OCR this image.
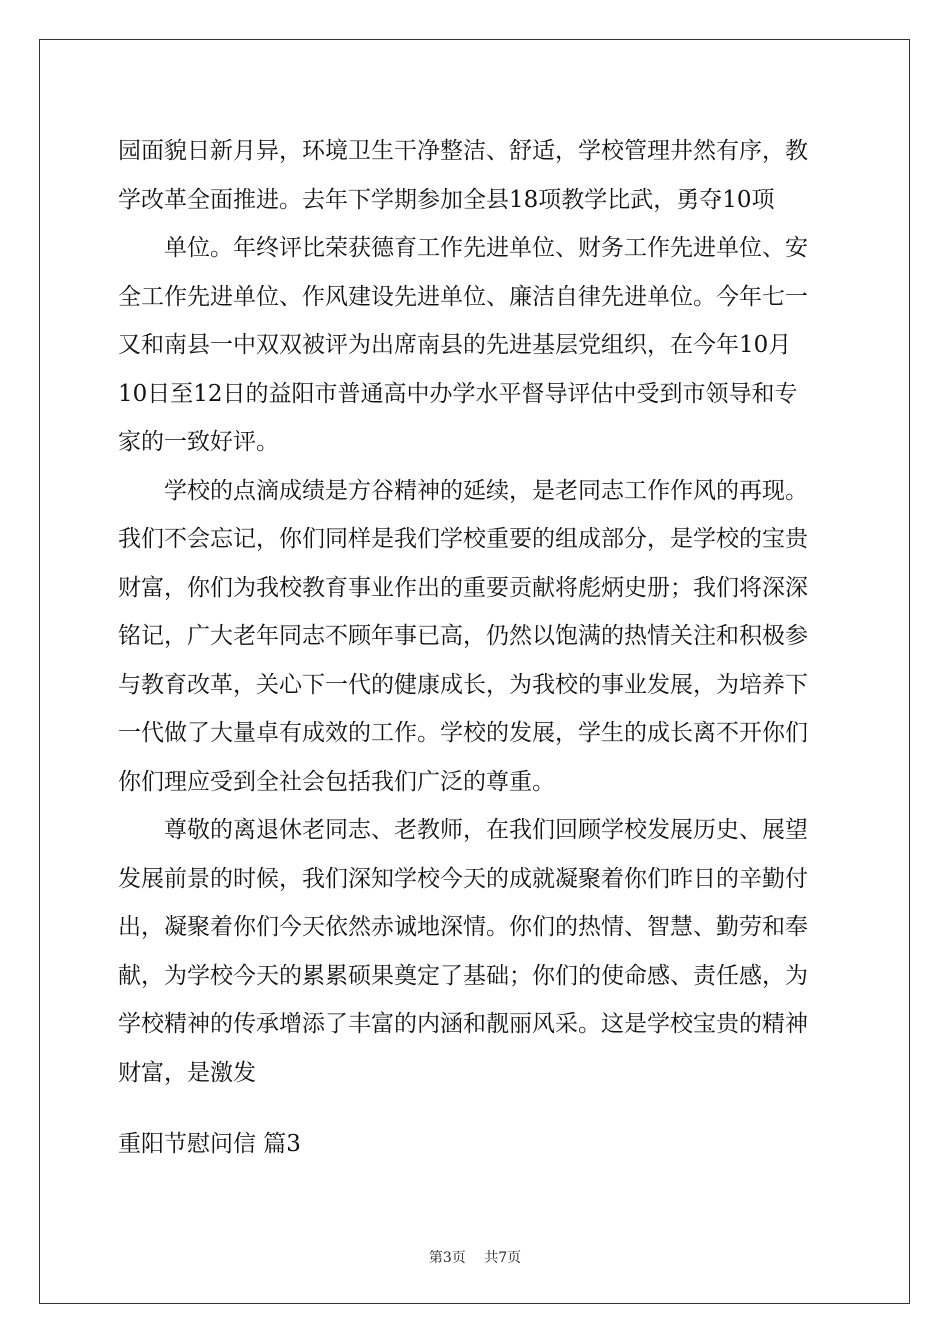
园面貌日新月异，环境卫生干净整洁、舒适，学校管理井然有序，教
学改革全面推进。去年下学期参加全县18项教学比武，勇夺10项
单位。年终评比荣获德育工作先进单位、财务工作先进单位、安
全工作先进单位、作风建设先进单位、廉洁自律先进单位。今年七一
又和南县一中双双被评为出席南县的先进基层党组织，在今年10月
10日至12日的益阳市普通高中办学水平督导评估中受到市领导和专
家的一致好评。
学校的点滴成绩是方谷精神的延续，是老同志工作作风的再现。
我们不会忘记，你们同样是我们学校重要的组成部分，是学校的宝贵
财富，你们为我校教育事业作出的重要贡献将彪炳史册；我们将深深
铭记，广大老年同志不顾年事已高，仍然以饱满的热情关注和积极参
与教育改革，关心下一代的健康成长，为我校的事业发展，为培养下
一代做了大量卓有成效的工作。学校的发展，学生的成长离不开你们
你们理应受到全社会包括我们广泛的尊重。
尊敬的离退休老同志、老教师，在我们回顾学校发展历史、展望
发展前景的时候，我们深知学校今天的成就凝聚着你们昨日的辛勤付
出，凝聚着你们今天依然赤诚地深情。你们的热情、智慧、勤劳和奉
献，为学校今天的累累硕果奠定了基础；你们的使命感、责任感，为
学校精神的传承增添了丰富的内涵和靓丽风采。这是学校宝贵的精神
财富，是激发
重阳节慰问信 篇3
第3页 共7页
